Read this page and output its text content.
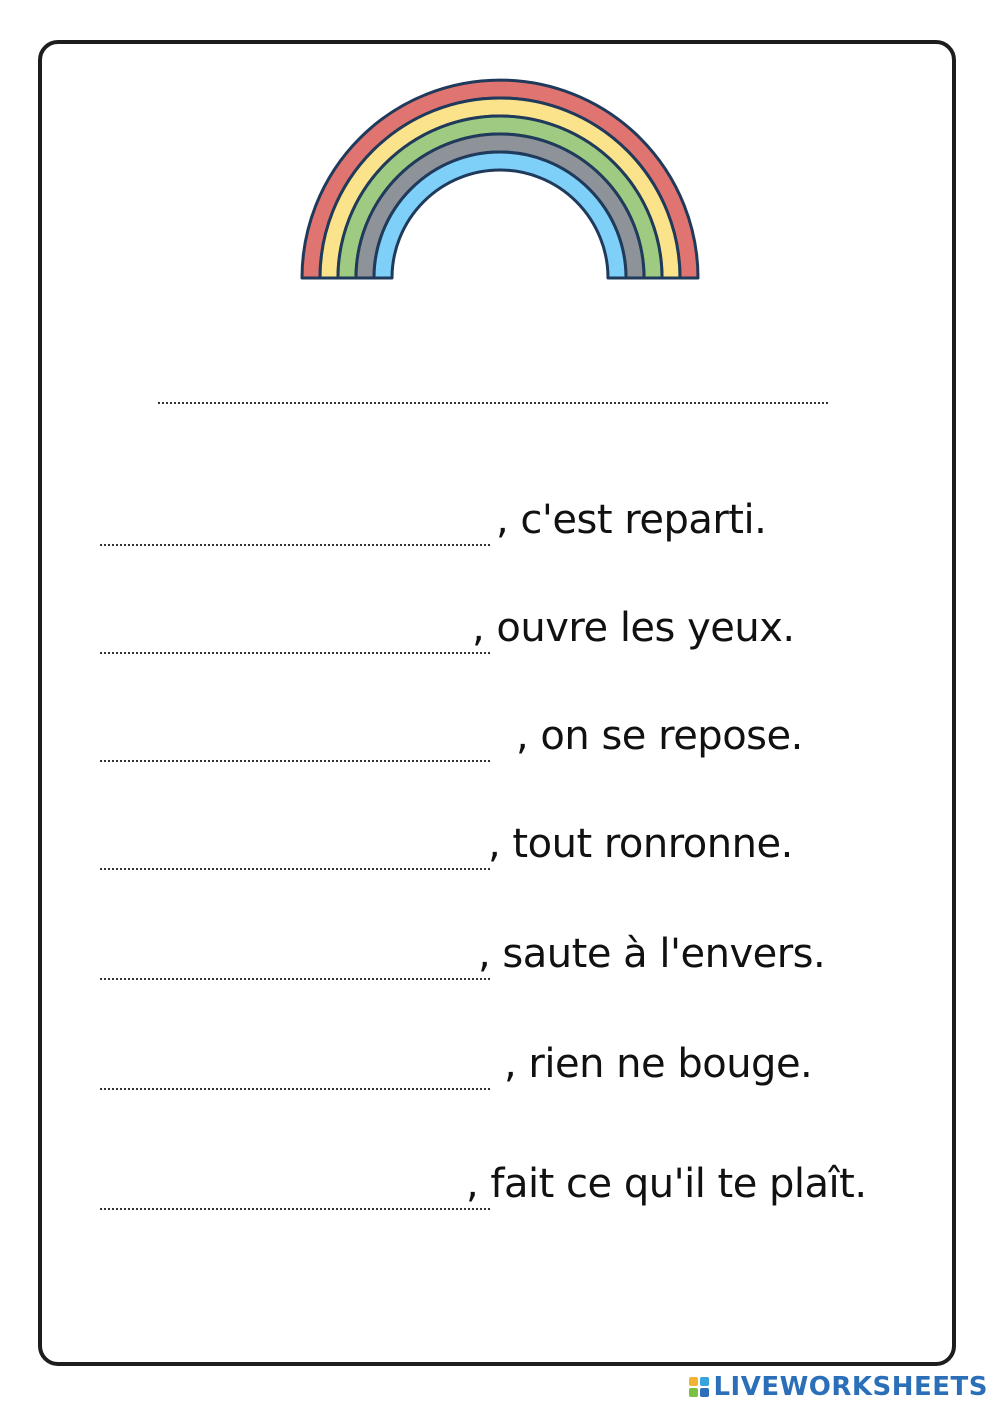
, c'est reparti.
, ouvre les yeux.
, on se repose.
, tout ronronne.
, saute à l'envers.
, rien ne bouge.
, fait ce qu'il te plaît.
LIVEWORKSHEETS
